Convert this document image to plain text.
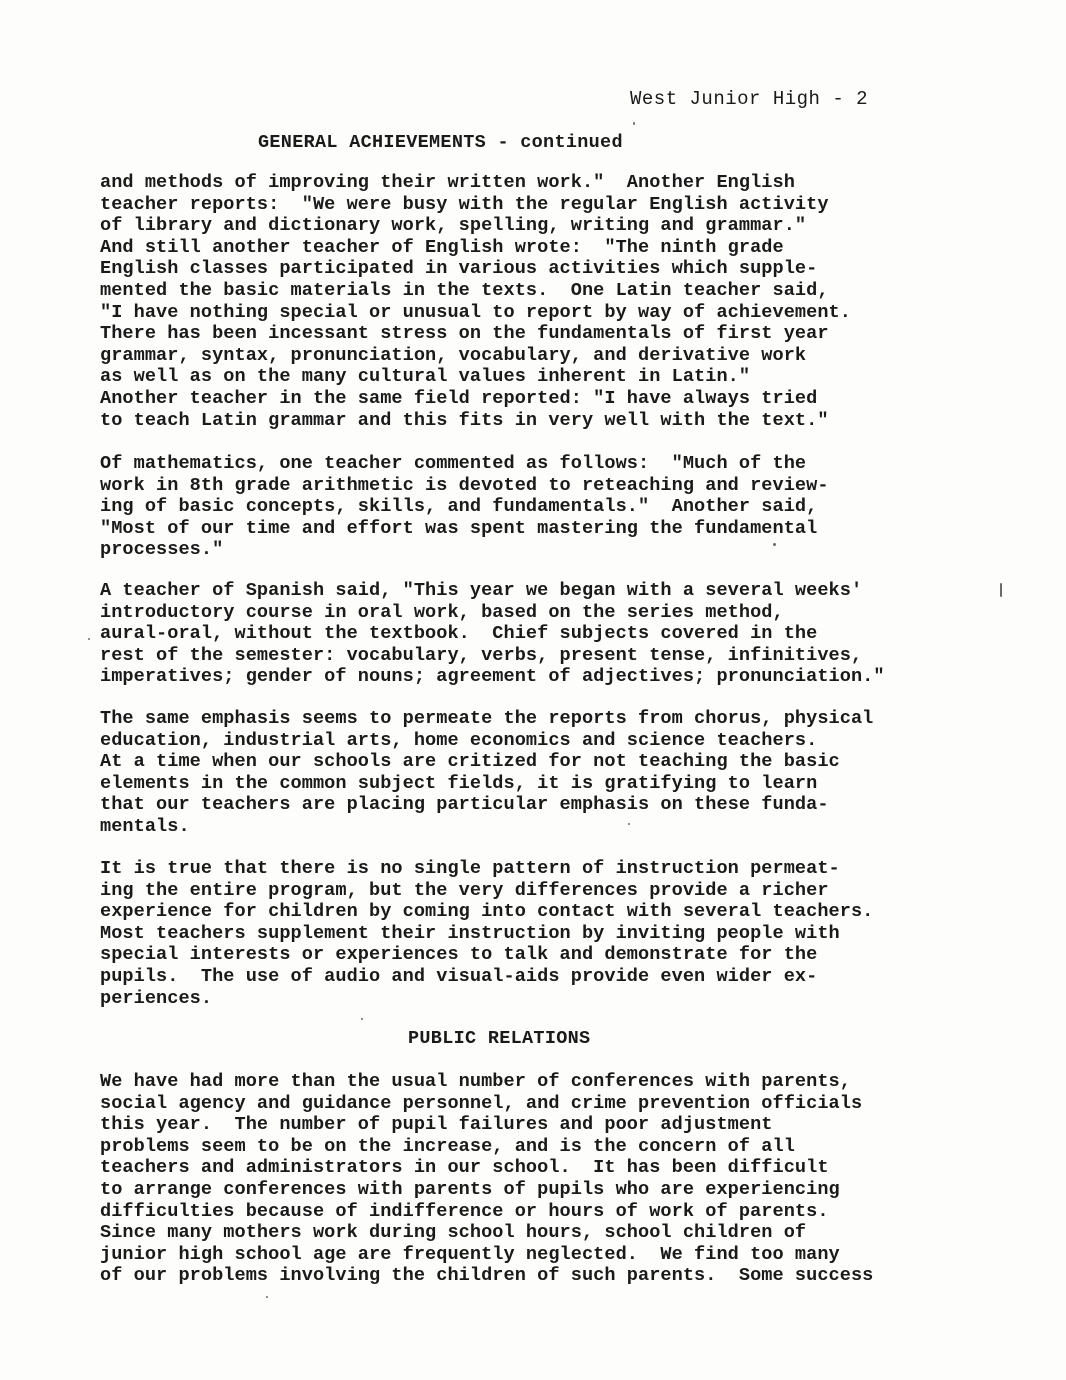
West Junior High - 2
GENERAL ACHIEVEMENTS - continued
and methods of improving their written work."  Another English
teacher reports:  "We were busy with the regular English activity
of library and dictionary work, spelling, writing and grammar."
And still another teacher of English wrote:  "The ninth grade
English classes participated in various activities which supple-
mented the basic materials in the texts.  One Latin teacher said,
"I have nothing special or unusual to report by way of achievement.
There has been incessant stress on the fundamentals of first year
grammar, syntax, pronunciation, vocabulary, and derivative work
as well as on the many cultural values inherent in Latin."
Another teacher in the same field reported: "I have always tried
to teach Latin grammar and this fits in very well with the text."
Of mathematics, one teacher commented as follows:  "Much of the
work in 8th grade arithmetic is devoted to reteaching and review-
ing of basic concepts, skills, and fundamentals."  Another said,
"Most of our time and effort was spent mastering the fundamental
processes."
A teacher of Spanish said, "This year we began with a several weeks'
introductory course in oral work, based on the series method,
aural-oral, without the textbook.  Chief subjects covered in the
rest of the semester: vocabulary, verbs, present tense, infinitives,
imperatives; gender of nouns; agreement of adjectives; pronunciation."
The same emphasis seems to permeate the reports from chorus, physical
education, industrial arts, home economics and science teachers.
At a time when our schools are critized for not teaching the basic
elements in the common subject fields, it is gratifying to learn
that our teachers are placing particular emphasis on these funda-
mentals.
It is true that there is no single pattern of instruction permeat-
ing the entire program, but the very differences provide a richer
experience for children by coming into contact with several teachers.
Most teachers supplement their instruction by inviting people with
special interests or experiences to talk and demonstrate for the
pupils.  The use of audio and visual-aids provide even wider ex-
periences.
PUBLIC RELATIONS
We have had more than the usual number of conferences with parents,
social agency and guidance personnel, and crime prevention officials
this year.  The number of pupil failures and poor adjustment
problems seem to be on the increase, and is the concern of all
teachers and administrators in our school.  It has been difficult
to arrange conferences with parents of pupils who are experiencing
difficulties because of indifference or hours of work of parents.
Since many mothers work during school hours, school children of
junior high school age are frequently neglected.  We find too many
of our problems involving the children of such parents.  Some success
